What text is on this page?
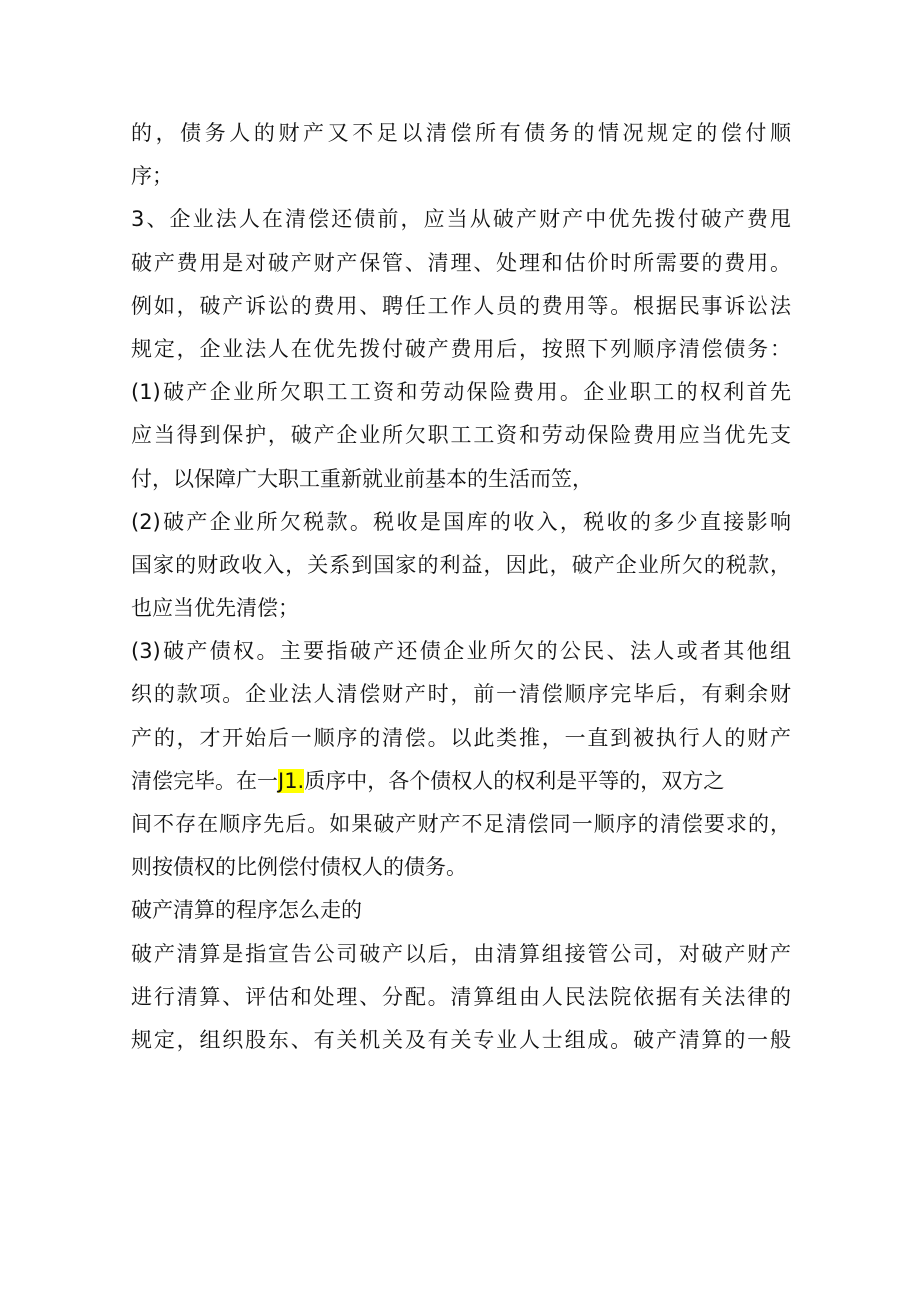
的，债务人的财产又不足以清偿所有债务的情况规定的偿付顺
序；
3、企业法人在清偿还债前，应当从破产财产中优先拨付破产费甩
破产费用是对破产财产保管、清理、处理和估价时所需要的费用。
例如，破产诉讼的费用、聘任工作人员的费用等。根据民事诉讼法
规定，企业法人在优先拨付破产费用后，按照下列顺序清偿债务：
(1)破产企业所欠职工工资和劳动保险费用。企业职工的权利首先
应当得到保护，破产企业所欠职工工资和劳动保险费用应当优先支
付，以保障广大职工重新就业前基本的生活而笠，
(2)破产企业所欠税款。税收是国库的收入，税收的多少直接影响
国家的财政收入，关系到国家的利益，因此，破产企业所欠的税款，
也应当优先清偿；
(3)破产债权。主要指破产还债企业所欠的公民、法人或者其他组
织的款项。企业法人清偿财产时，前一清偿顺序完毕后，有剩余财
产的，才开始后一顺序的清偿。以此类推，一直到被执行人的财产
清偿完毕。在一J1.质序中，各个债权人的权利是平等的，双方之
间不存在顺序先后。如果破产财产不足清偿同一顺序的清偿要求的，
则按债权的比例偿付债权人的债务。
破产清算的程序怎么走的
破产清算是指宣告公司破产以后，由清算组接管公司，对破产财产
进行清算、评估和处理、分配。清算组由人民法院依据有关法律的
规定，组织股东、有关机关及有关专业人士组成。破产清算的一般
